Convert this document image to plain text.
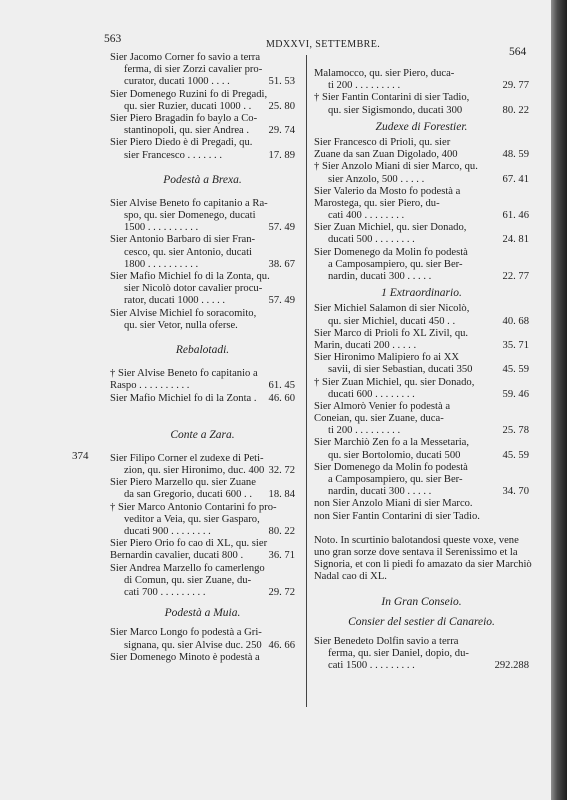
563	MDXXVI, SETTEMBRE.
564
374
Sier Jacomo Corner fo savio a terra
ferma, di sier Zorzi cavalier pro-
curator, ducati 1000 . . . .	51. 53
Sier Domenego Ruzini fo di Pregadi,
qu. sier Ruzier, ducati 1000 . . 25. 80
Sier Piero Bragadin fo baylo a Co-
stantinopoli, qu. sier Andrea . 29. 74
Sier Piero Diedo è di Pregadi, qu.
sier Francesco . . . . . . .	17. 89
Podestà a Brexa.
Sier Alvise Beneto fo capitanio a Ra-
spo, qu. sier Domenego, ducati
1500 . . . . . . . . . .	57. 49
Sier Antonio Barbaro di sier Fran-
cesco, qu. sier Antonio, ducati
1800 . . . . . . . . . .	38. 67
Sier Mafio Michiel fo di la Zonta, qu.
sier Nicolò dotor cavalier procu-
rator, ducati 1000 . . . . .	57. 49
Sier Alvise Michiel fo soracomito,
qu. sier Vetor, nulla oferse.
Rebalotadi.
† Sier Alvise Beneto fo capitanio a
Raspo . . . . . . . . . .	61. 45
Sier Mafio Michiel fo di la Zonta . 46. 60
Conte a Zara.
Sier Filipo Corner el zudexe di Peti-
zion, qu. sier Hironimo, duc. 400 32. 72
Sier Piero Marzello qu. sier Zuane
da san Gregorio, ducati 600 . . 18. 84
† Sier Marco Antonio Contarini fo pro-
veditor a Veia, qu. sier Gasparo,
ducati 900 . . . . . . . .	80. 22
Sier Piero Orio fo cao di XL, qu. sier
Bernardin cavalier, ducati 800 . 36. 71
Sier Andrea Marzello fo camerlengo
di Comun, qu. sier Zuane, du-
cati 700 . . . . . . . . .	29. 72
Podestà a Muia.
Sier Marco Longo fo podestà a Gri-
signana, qu. sier Alvise duc. 250 46. 66
Sier Domenego Minoto è podestà a
Malamocco, qu. sier Piero, duca-
ti 200 . . . . . . . . .	29. 77
† Sier Fantin Contarini di sier Tadio,
qu. sier Sigismondo, ducati 300	80. 22
Zudexe di Forestier.
Sier Francesco di Prioli, qu. sier
Zuane da san Zuan Digolado, 400	48. 59
† Sier Anzolo Miani di sier Marco, qu.
sier Anzolo, 500 . . . . .	67. 41
Sier Valerio da Mosto fo podestà a
Marostega, qu. sier Piero, du-
cati 400 . . . . . . . .	61. 46
Sier Zuan Michiel, qu. sier Donado,
ducati 500 . . . . . . . .	24. 81
Sier Domenego da Molin fo podestà
a Camposampiero, qu. sier Ber-
nardin, ducati 300 . . . . .	22. 77
1 Extraordinario.
Sier Michiel Salamon di sier Nicolò,
qu. sier Michiel, ducati 450 . .	40. 68
Sier Marco di Prioli fo XL Zivil, qu.
Marin, ducati 200 . . . . .	35. 71
Sier Hironimo Malipiero fo ai XX
savii, di sier Sebastian, ducati 350	45. 59
† Sier Zuan Michiel, qu. sier Donado,
ducati 600 . . . . . . . .	59. 46
Sier Almorò Venier fo podestà a
Coneian, qu. sier Zuane, duca-
ti 200 . . . . . . . . .	25. 78
Sier Marchiò Zen fo a la Messetaria,
qu. sier Bortolomio, ducati 500	45. 59
Sier Domenego da Molin fo podestà
a Camposampiero, qu. sier Ber-
nardin, ducati 300 . . . . .	34. 70
non Sier Anzolo Miani di sier Marco.
non Sier Fantin Contarini di sier Tadio.
Noto. In scurtinio balotandosi queste voxe, vene
uno gran sorze dove sentava il Serenissimo et la
Signoria, et con li piedi fo amazato da sier Marchiò
Nadal cao di XL.
In Gran Conseio.
Consier del sestier di Canareio.
Sier Benedeto Dolfin savio a terra
ferma, qu. sier Daniel, dopio, du-
cati 1500 . . . . . . . . .	292.288
